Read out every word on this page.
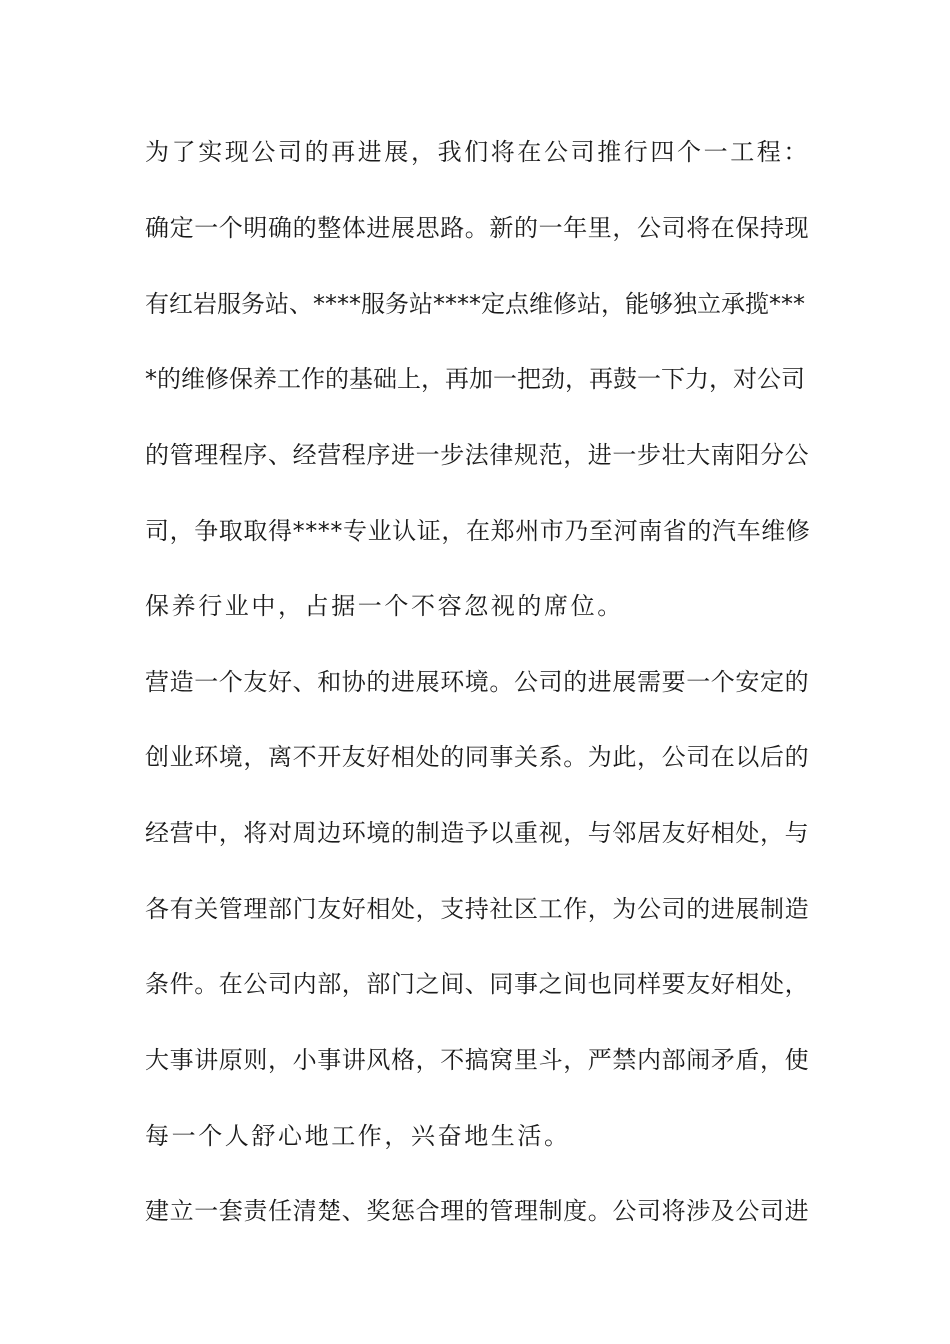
为了实现公司的再进展，我们将在公司推行四个一工程：
确定一个明确的整体进展思路。新的一年里，公司将在保持现
有红岩服务站、****服务站****定点维修站，能够独立承揽***
*的维修保养工作的基础上，再加一把劲，再鼓一下力，对公司
的管理程序、经营程序进一步法律规范，进一步壮大南阳分公
司，争取取得****专业认证，在郑州市乃至河南省的汽车维修
保养行业中，占据一个不容忽视的席位。
营造一个友好、和协的进展环境。公司的进展需要一个安定的
创业环境，离不开友好相处的同事关系。为此，公司在以后的
经营中，将对周边环境的制造予以重视，与邻居友好相处，与
各有关管理部门友好相处，支持社区工作，为公司的进展制造
条件。在公司内部，部门之间、同事之间也同样要友好相处，
大事讲原则，小事讲风格，不搞窝里斗，严禁内部闹矛盾，使
每一个人舒心地工作，兴奋地生活。
建立一套责任清楚、奖惩合理的管理制度。公司将涉及公司进
